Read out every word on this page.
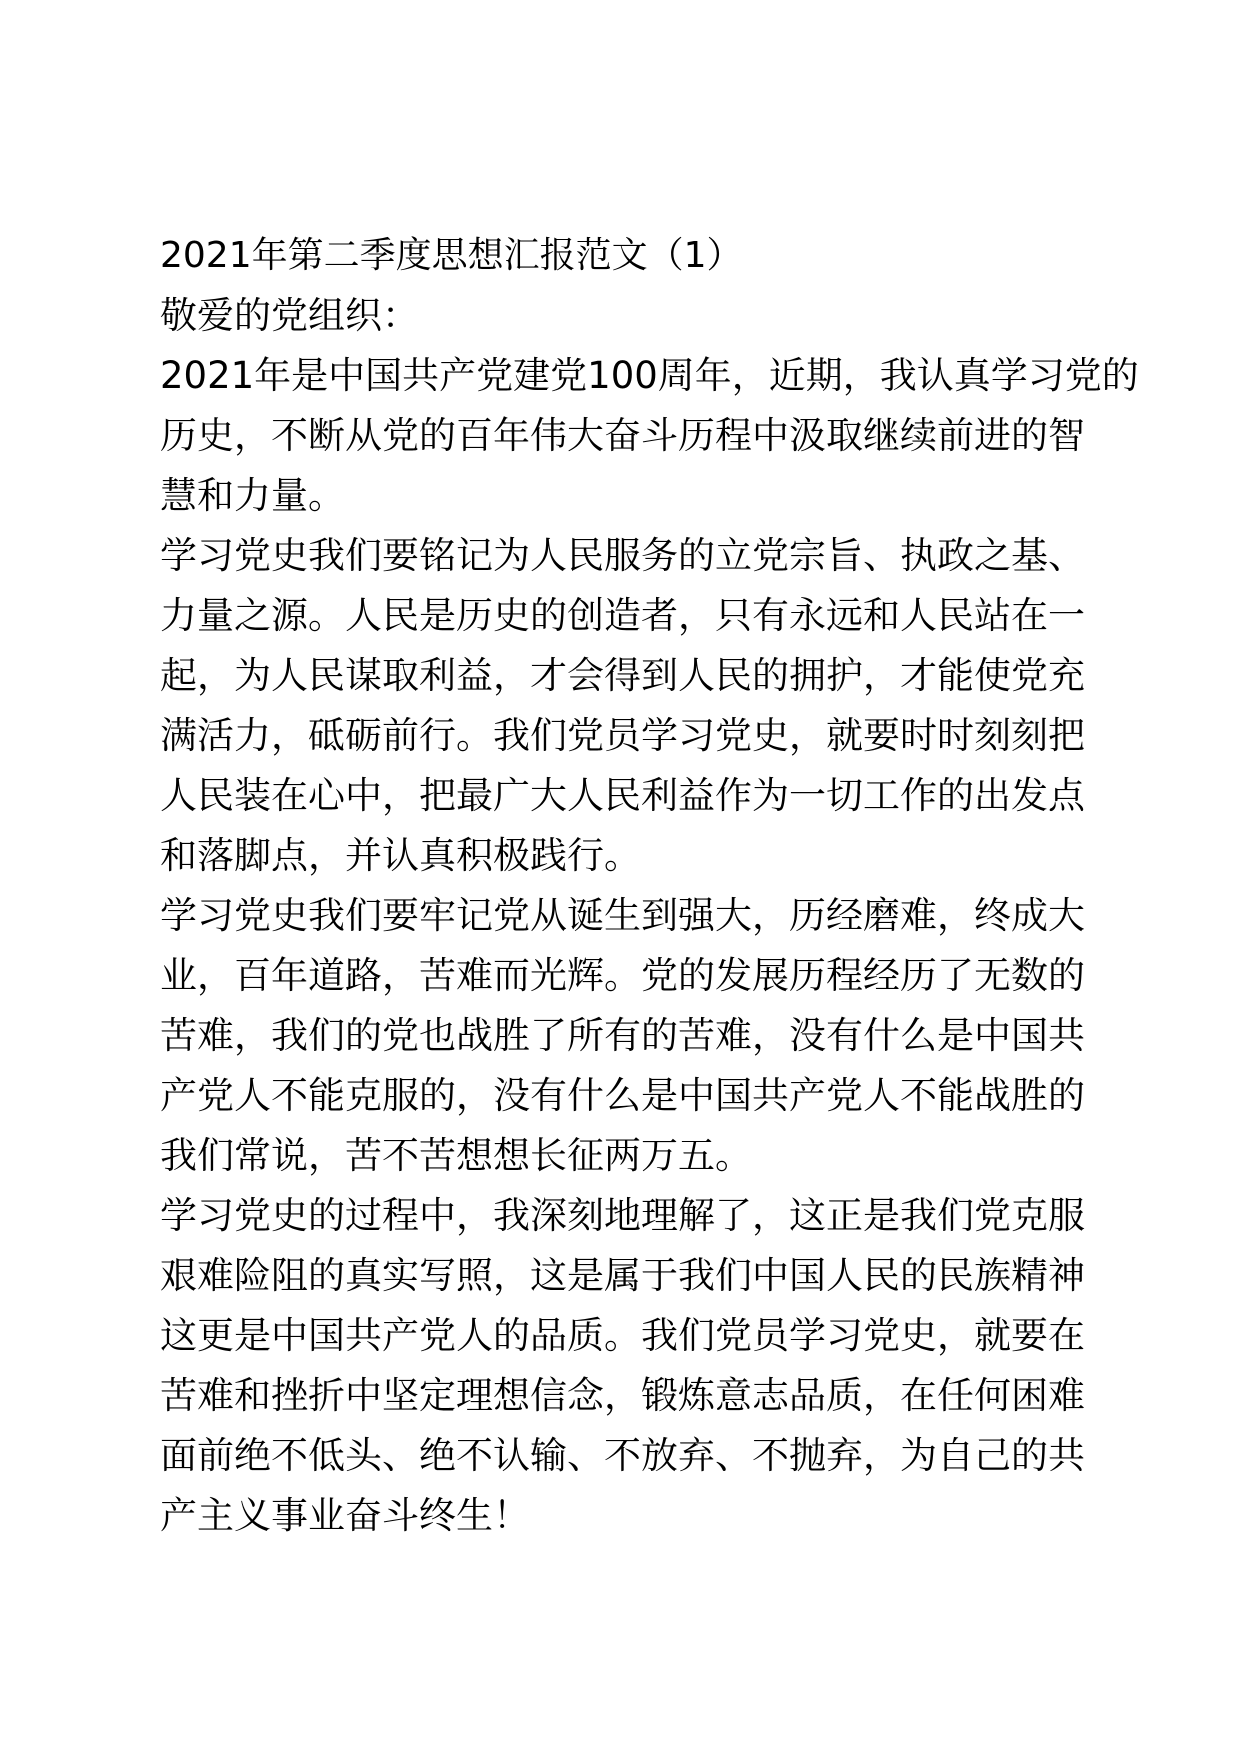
2021年第二季度思想汇报范文（1）
敬爱的党组织：
2021年是中国共产党建党100周年，近期，我认真学习党的
历史，不断从党的百年伟大奋斗历程中汲取继续前进的智
慧和力量。
学习党史我们要铭记为人民服务的立党宗旨、执政之基、
力量之源。人民是历史的创造者，只有永远和人民站在一
起，为人民谋取利益，才会得到人民的拥护，才能使党充
满活力，砥砺前行。我们党员学习党史，就要时时刻刻把
人民装在心中，把最广大人民利益作为一切工作的出发点
和落脚点，并认真积极践行。
学习党史我们要牢记党从诞生到强大，历经磨难，终成大
业，百年道路，苦难而光辉。党的发展历程经历了无数的
苦难，我们的党也战胜了所有的苦难，没有什么是中国共
产党人不能克服的，没有什么是中国共产党人不能战胜的
我们常说，苦不苦想想长征两万五。
学习党史的过程中，我深刻地理解了，这正是我们党克服
艰难险阻的真实写照，这是属于我们中国人民的民族精神
这更是中国共产党人的品质。我们党员学习党史，就要在
苦难和挫折中坚定理想信念，锻炼意志品质，在任何困难
面前绝不低头、绝不认输、不放弃、不抛弃，为自己的共
产主义事业奋斗终生！
